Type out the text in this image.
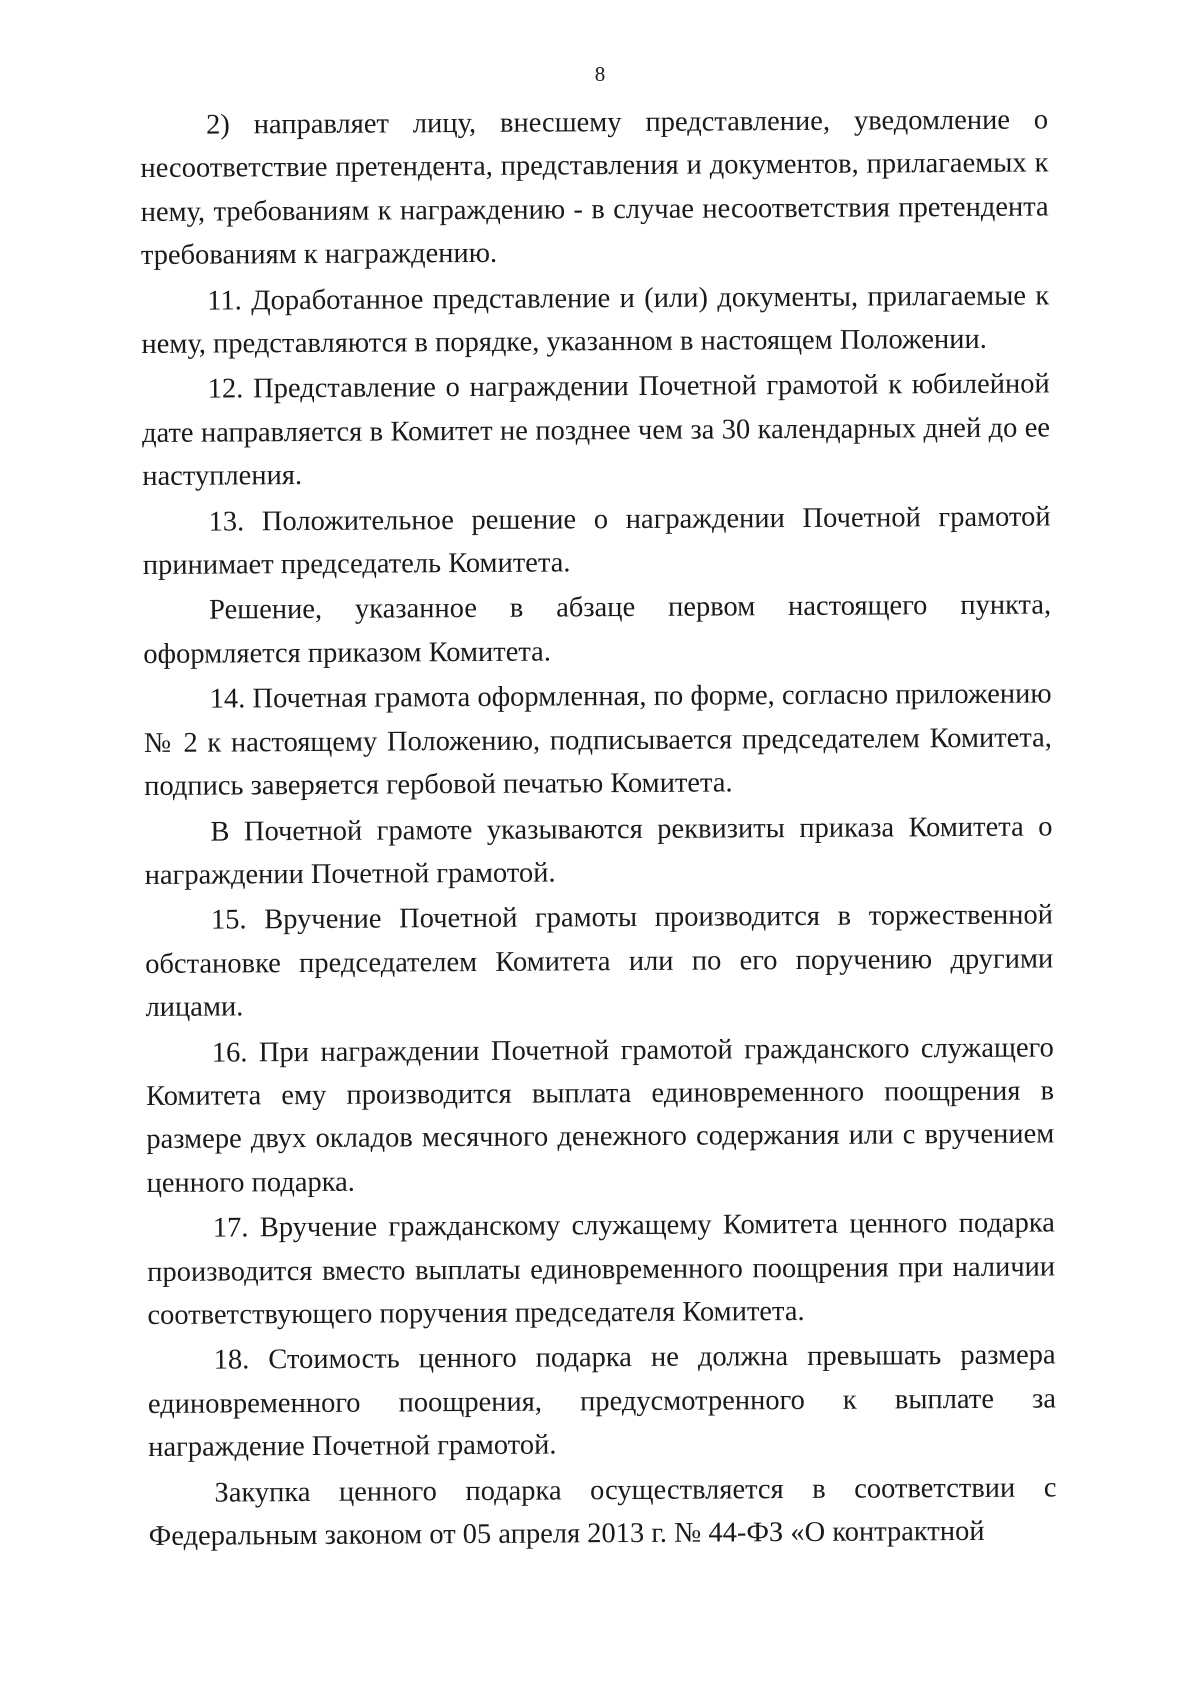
8

2) направляет лицу, внесшему представление, уведомление о несоответствие претендента, представления и документов, прилагаемых к нему, требованиям к награждению - в случае несоответствия претендента требованиям к награждению.

11. Доработанное представление и (или) документы, прилагаемые к нему, представляются в порядке, указанном в настоящем Положении.

12. Представление о награждении Почетной грамотой к юбилейной дате направляется в Комитет не позднее чем за 30 календарных дней до ее наступления.

13. Положительное решение о награждении Почетной грамотой принимает председатель Комитета.

Решение, указанное в абзаце первом настоящего пункта, оформляется приказом Комитета.

14. Почетная грамота оформленная, по форме, согласно приложению № 2 к настоящему Положению, подписывается председателем Комитета, подпись заверяется гербовой печатью Комитета.

В Почетной грамоте указываются реквизиты приказа Комитета о награждении Почетной грамотой.

15. Вручение Почетной грамоты производится в торжественной обстановке председателем Комитета или по его поручению другими лицами.

16. При награждении Почетной грамотой гражданского служащего Комитета ему производится выплата единовременного поощрения в размере двух окладов месячного денежного содержания или с вручением ценного подарка.

17. Вручение гражданскому служащему Комитета ценного подарка производится вместо выплаты единовременного поощрения при наличии соответствующего поручения председателя Комитета.

18. Стоимость ценного подарка не должна превышать размера единовременного поощрения, предусмотренного к выплате за награждение Почетной грамотой.

Закупка ценного подарка осуществляется в соответствии с Федеральным законом от 05 апреля 2013 г. № 44-ФЗ «О контрактной
